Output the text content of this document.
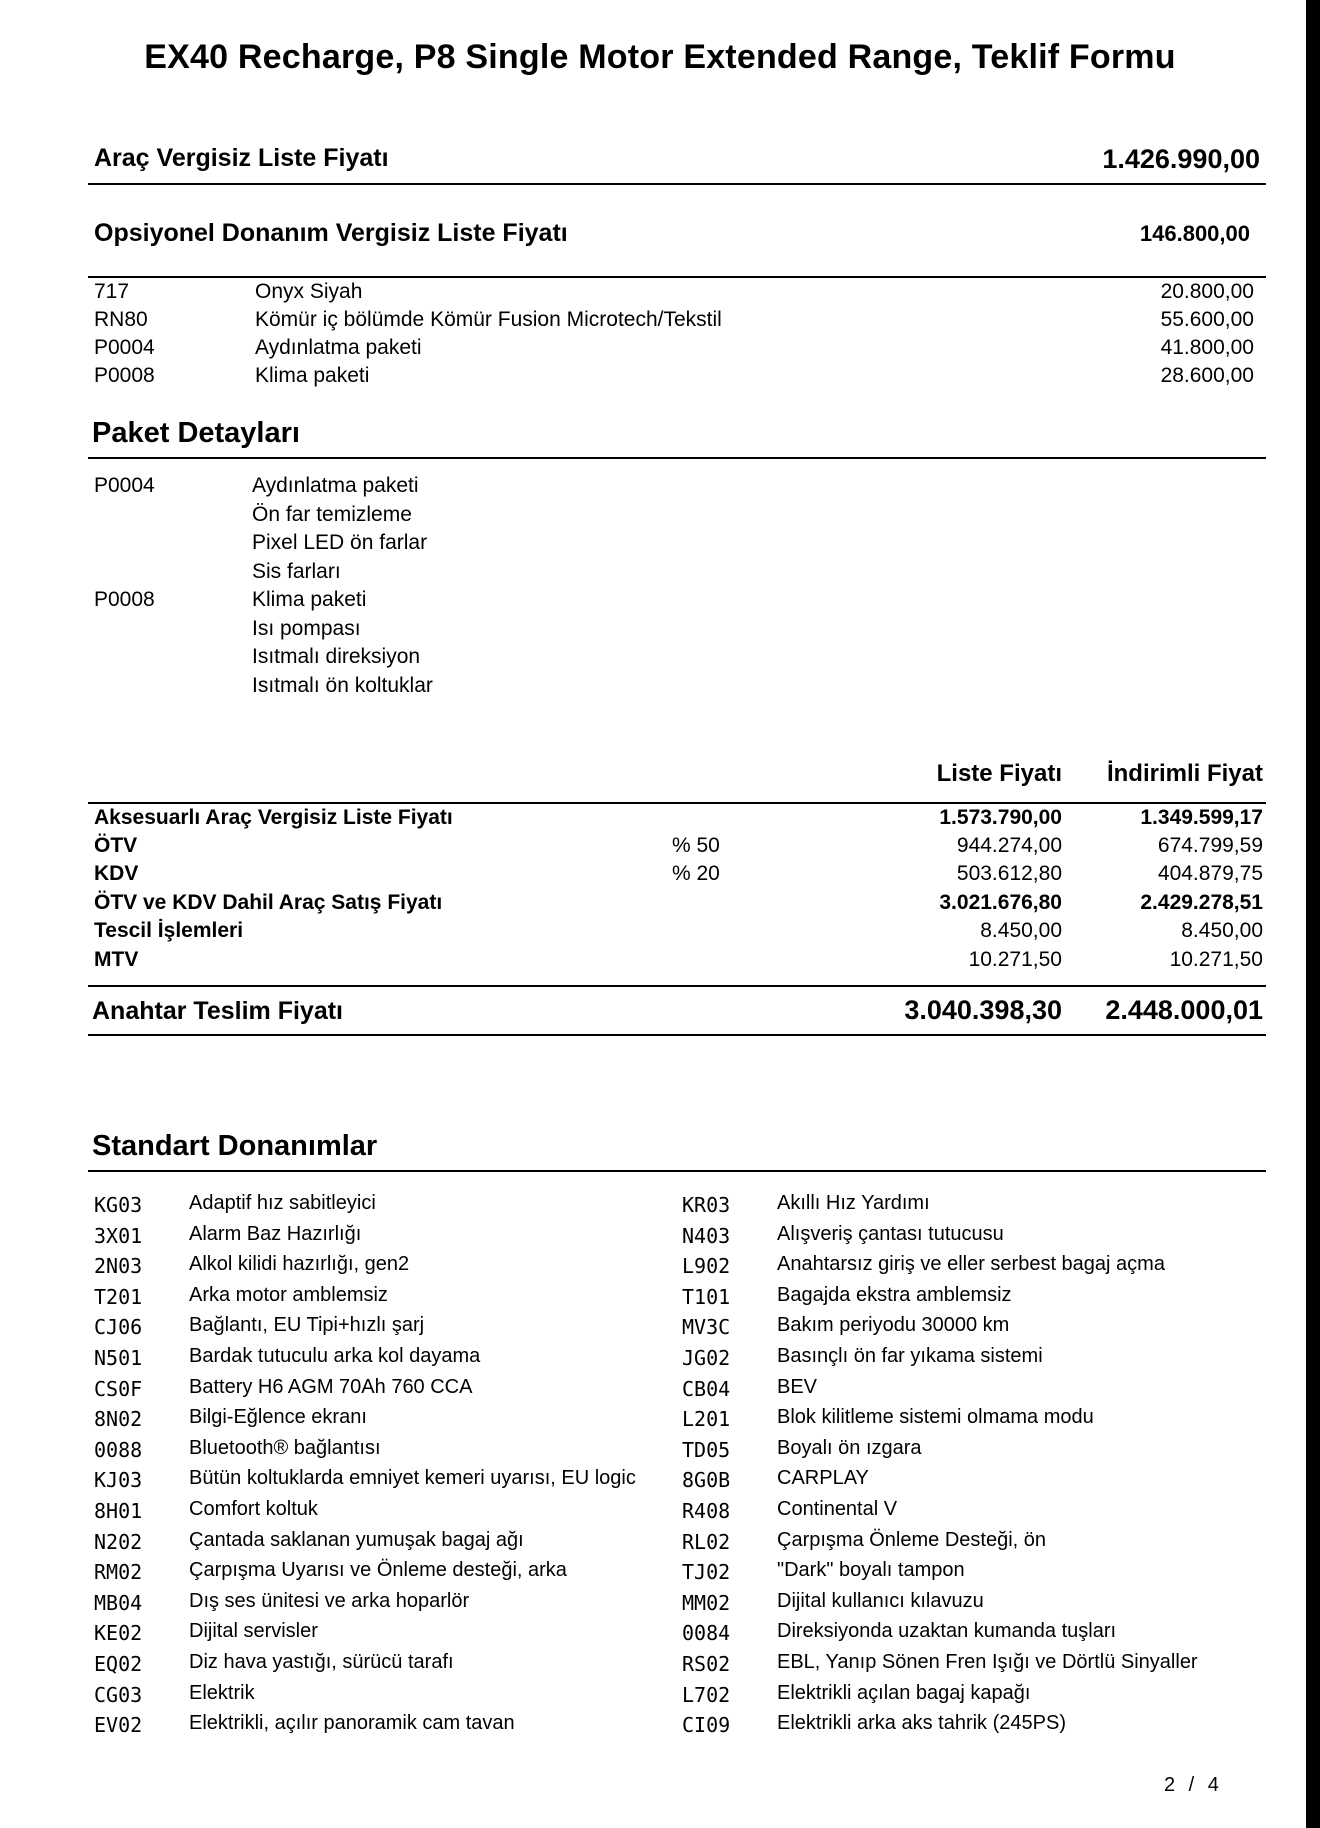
EX40 Recharge, P8 Single Motor Extended Range, Teklif Formu
Araç Vergisiz Liste Fiyatı	1.426.990,00
Opsiyonel Donanım Vergisiz Liste Fiyatı	146.800,00
717	Onyx Siyah	20.800,00
RN80	Kömür iç bölümde Kömür Fusion Microtech/Tekstil	55.600,00
P0004	Aydınlatma paketi	41.800,00
P0008	Klima paketi	28.600,00
Paket Detayları
P0004	Aydınlatma paketi
Ön far temizleme
Pixel LED ön farlar
Sis farları
P0008	Klima paketi
Isı pompası
Isıtmalı direksiyon
Isıtmalı ön koltuklar
Liste Fiyatı İndirimli Fiyat
Aksesuarlı Araç Vergisiz Liste Fiyatı	1.573.790,00	1.349.599,17
ÖTV	% 50	944.274,00	674.799,59
KDV	% 20	503.612,80	404.879,75
ÖTV ve KDV Dahil Araç Satış Fiyatı	3.021.676,80	2.429.278,51
Tescil İşlemleri	8.450,00	8.450,00
MTV	10.271,50	10.271,50
Anahtar Teslim Fiyatı	3.040.398,30 2.448.000,01
Standart Donanımlar
KG03 Adaptif hız sabitleyici
3X01 Alarm Baz Hazırlığı
2N03 Alkol kilidi hazırlığı, gen2
T201 Arka motor amblemsiz
CJ06 Bağlantı, EU Tipi+hızlı şarj
N501 Bardak tutuculu arka kol dayama
CS0F Battery H6 AGM 70Ah 760 CCA
8N02 Bilgi-Eğlence ekranı
0088 Bluetooth® bağlantısı
KJ03 Bütün koltuklarda emniyet kemeri uyarısı, EU logic
8H01 Comfort koltuk
N202 Çantada saklanan yumuşak bagaj ağı
RM02 Çarpışma Uyarısı ve Önleme desteği, arka
MB04 Dış ses ünitesi ve arka hoparlör
KE02 Dijital servisler
EQ02 Diz hava yastığı, sürücü tarafı
CG03 Elektrik
EV02 Elektrikli, açılır panoramik cam tavan
KR03 Akıllı Hız Yardımı
N403 Alışveriş çantası tutucusu
L902 Anahtarsız giriş ve eller serbest bagaj açma
T101 Bagajda ekstra amblemsiz
MV3C Bakım periyodu 30000 km
JG02 Basınçlı ön far yıkama sistemi
CB04 BEV
L201 Blok kilitleme sistemi olmama modu
TD05 Boyalı ön ızgara
8G0B CARPLAY
R408 Continental V
RL02 Çarpışma Önleme Desteği, ön
TJ02 "Dark" boyalı tampon
MM02 Dijital kullanıcı kılavuzu
0084 Direksiyonda uzaktan kumanda tuşları
RS02 EBL, Yanıp Sönen Fren Işığı ve Dörtlü Sinyaller
L702 Elektrikli açılan bagaj kapağı
CI09 Elektrikli arka aks tahrik (245PS)
2 / 4
